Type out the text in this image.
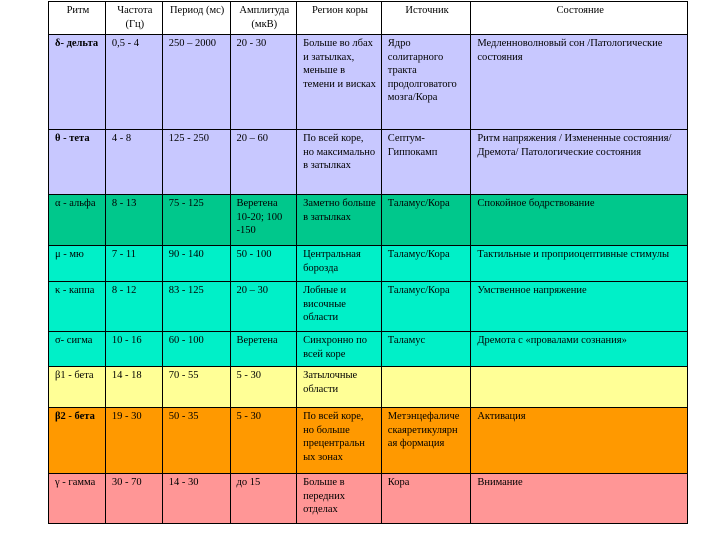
Ритм	Частота (Гц)	Период (мс)	Амплитуда (мкВ)	Регион коры	Источник	Состояние
δ- дельта	0,5 - 4	250 – 2000	20 - 30	Больше во лбах и затылках, меньше в темени и висках	Ядро солитарного тракта продолговатого мозга/Кора	Медленноволновый сон /Патологические состояния
θ - тета	4 - 8	125 - 250	20 – 60	По всей коре, но максимально в затылках	Септум-Гиппокамп	Ритм напряжения / Измененные состояния/ Дремота/ Патологические состояния
α - альфа	8 - 13	75 - 125	Веретена 10-20; 100 -150	Заметно больше в затылках	Таламус/Кора	Спокойное бодрствование
μ - мю	7 - 11	90 - 140	50 - 100	Центральная борозда	Таламус/Кора	Тактильные и проприоцептивные стимулы
κ - каппа	8 - 12	83 - 125	20 – 30	Лобные и височные области	Таламус/Кора	Умственное напряжение
σ- сигма	10 - 16	60 - 100	Веретена	Синхронно по всей коре	Таламус	Дремота с «провалами сознания»
β1 - бета	14 - 18	70 - 55	5 - 30	Затылочные области		
β2 - бета	19 - 30	50 - 35	5 - 30	По всей коре, но больше прецентральн ых зонах	Метэнцефаличе скаяретикулярн ая формация	Активация
γ - гамма	30 - 70	14 - 30	до 15	Больше в передних отделах	Кора	Внимание
